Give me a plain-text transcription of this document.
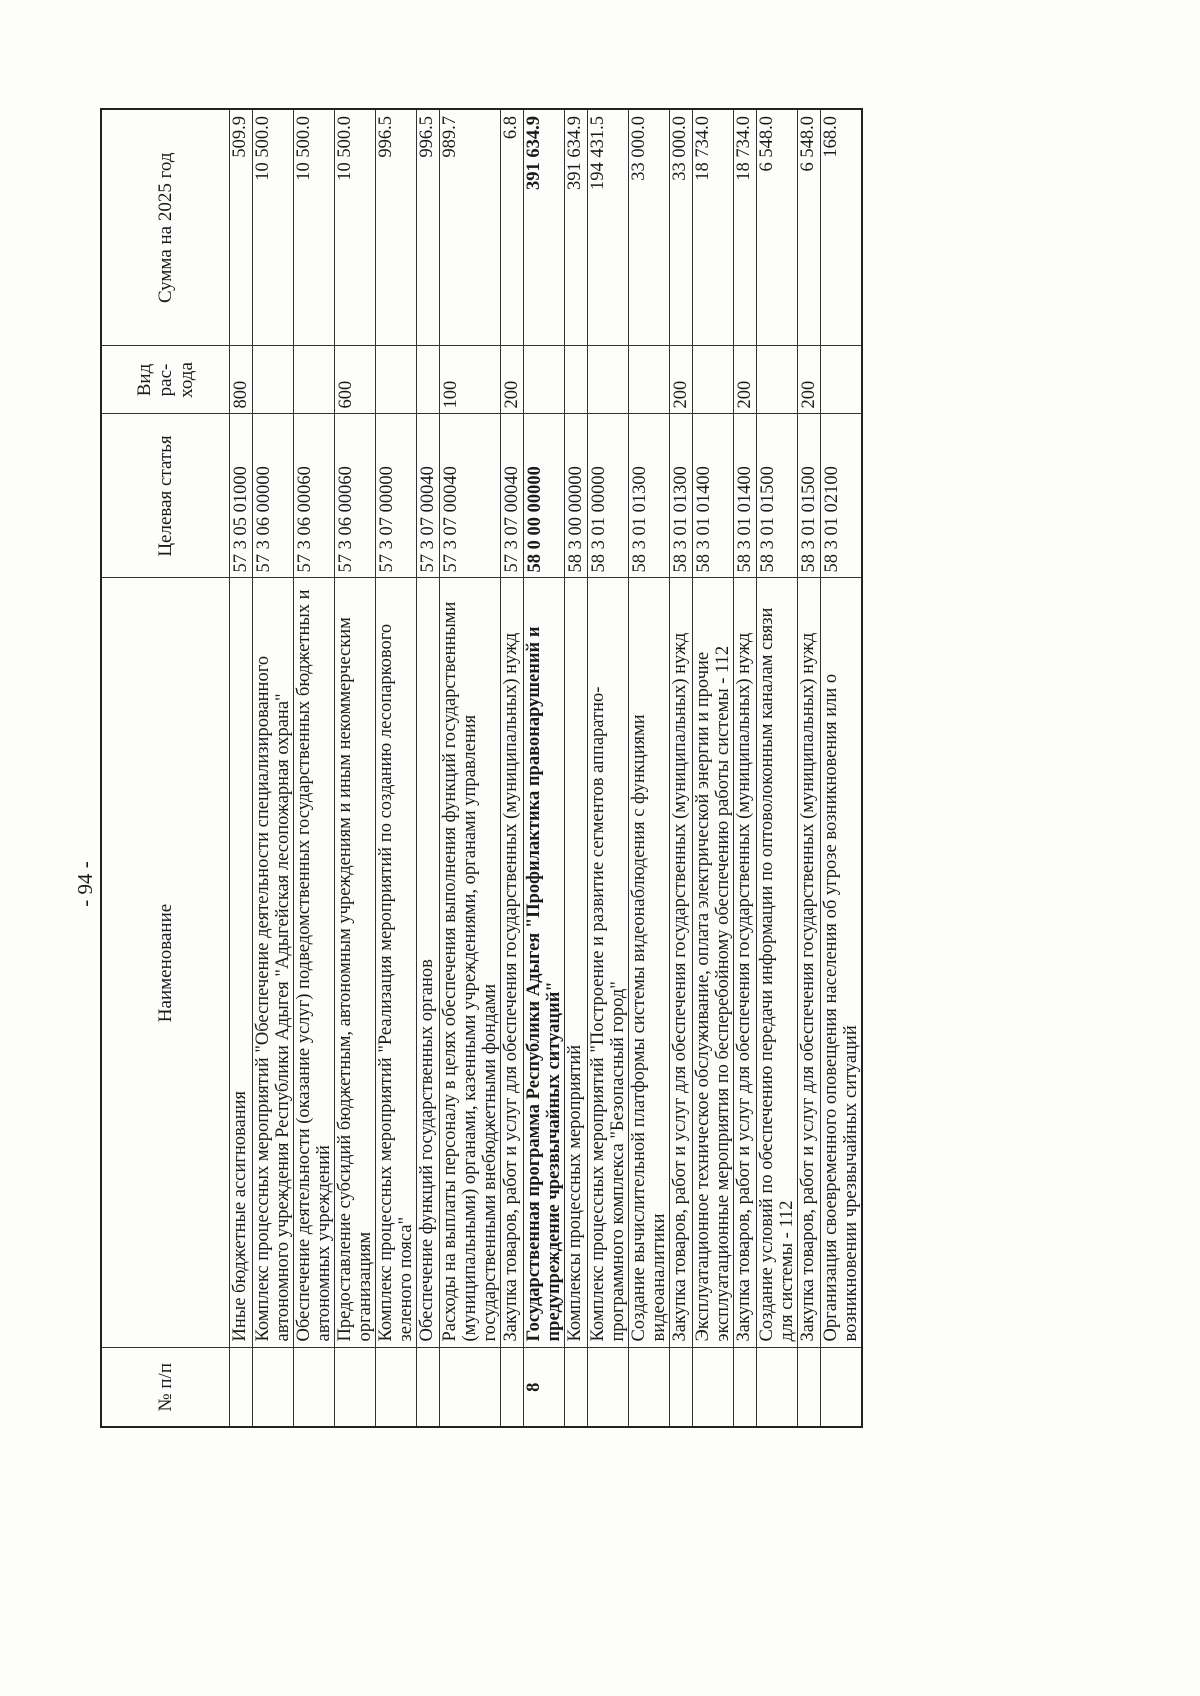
- 94 -
№ п/п	Наименование	Целевая статья	Вид рас-хода	Сумма на 2025 год
	Иные бюджетные ассигнования	57 3 05 01000	800	509.9
	Комплекс процессных мероприятий "Обеспечение деятельности специализированного автономного учреждения Республики Адыгея "Адыгейская лесопожарная охрана"	57 3 06 00000		10 500.0
	Обеспечение деятельности (оказание услуг) подведомственных государственных бюджетных и автономных учреждений	57 3 06 00060		10 500.0
	Предоставление субсидий бюджетным, автономным учреждениям и иным некоммерческим организациям	57 3 06 00060	600	10 500.0
	Комплекс процессных мероприятий "Реализация мероприятий по созданию лесопаркового зеленого пояса"	57 3 07 00000		996.5
	Обеспечение функций государственных органов	57 3 07 00040		996.5
	Расходы на выплаты персоналу в целях обеспечения выполнения функций государственными (муниципальными) органами, казенными учреждениями, органами управления государственными внебюджетными фондами	57 3 07 00040	100	989.7
	Закупка товаров, работ и услуг для обеспечения государственных (муниципальных) нужд	57 3 07 00040	200	6.8
8	Государственная программа Республики Адыгея "Профилактика правонарушений и предупреждение чрезвычайных ситуаций"	58 0 00 00000		391 634.9
	Комплексы процессных мероприятий	58 3 00 00000		391 634.9
	Комплекс процессных мероприятий "Построение и развитие сегментов аппаратно-программного комплекса "Безопасный город"	58 3 01 00000		194 431.5
	Создание вычислительной платформы системы видеонаблюдения с функциями видеоаналитики	58 3 01 01300		33 000.0
	Закупка товаров, работ и услуг для обеспечения государственных (муниципальных) нужд	58 3 01 01300	200	33 000.0
	Эксплуатационное техническое обслуживание, оплата электрической энергии и прочие эксплуатационные мероприятия по бесперебойному обеспечению работы системы - 112	58 3 01 01400		18 734.0
	Закупка товаров, работ и услуг для обеспечения государственных (муниципальных) нужд	58 3 01 01400	200	18 734.0
	Создание условий по обеспечению передачи информации по оптоволоконным каналам связи для системы - 112	58 3 01 01500		6 548.0
	Закупка товаров, работ и услуг для обеспечения государственных (муниципальных) нужд	58 3 01 01500	200	6 548.0
	Организация своевременного оповещения населения об угрозе возникновения или о возникновении чрезвычайных ситуаций	58 3 01 02100		168.0
